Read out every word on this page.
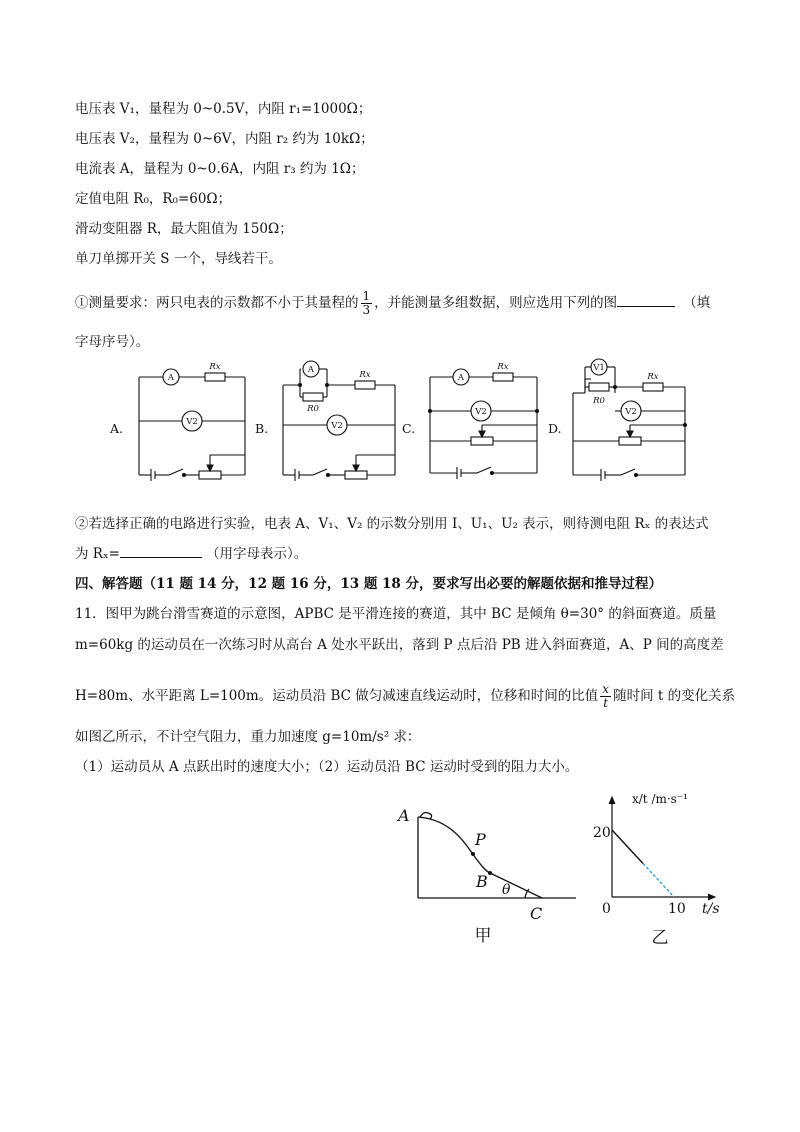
电压表 V₁，量程为 0~0.5V，内阻 r₁=1000Ω；
电压表 V₂，量程为 0~6V，内阻 r₂ 约为 10kΩ；
电流表 A，量程为 0~0.6A，内阻 r₃ 约为 1Ω；
定值电阻 R₀，R₀=60Ω；
滑动变阻器 R，最大阻值为 150Ω；
单刀单掷开关 S 一个，导线若干。
①测量要求：两只电表的示数都不小于其量程的 $\frac{1}{3}$ ，并能测量多组数据，则应选用下列的图	（填
字母序号）。
A
Rx
V2
A	Rx
R0
V2
A
Rx
V2
V1
Rx
R0
V2
A.	B.	C.	D.
②若选择正确的电路进行实验，电表 A、V₁、V₂ 的示数分别用 I、U₁、U₂ 表示，则待测电阻 Rₓ 的表达式
为 Rₓ=	（用字母表示）。
四、解答题（11 题 14 分，12 题 16 分，13 题 18 分，要求写出必要的解题依据和推导过程）
11．图甲为跳台滑雪赛道的示意图，APBC 是平滑连接的赛道，其中 BC 是倾角 θ=30° 的斜面赛道。质量
m=60kg 的运动员在一次练习时从高台 A 处水平跃出，落到 P 点后沿 PB 进入斜面赛道，A、P 间的高度差
H=80m、水平距离 L=100m。运动员沿 BC 做匀减速直线运动时，位移和时间的比值 $\frac{x}{t}$ 随时间 t 的变化关系
如图乙所示，不计空气阻力，重力加速度 g=10m/s² 求：
（1）运动员从 A 点跃出时的速度大小；（2）运动员沿 BC 运动时受到的阻力大小。
A
P
B θ
C
甲
20
0	10 t/s
x/t /m·s⁻¹
乙
